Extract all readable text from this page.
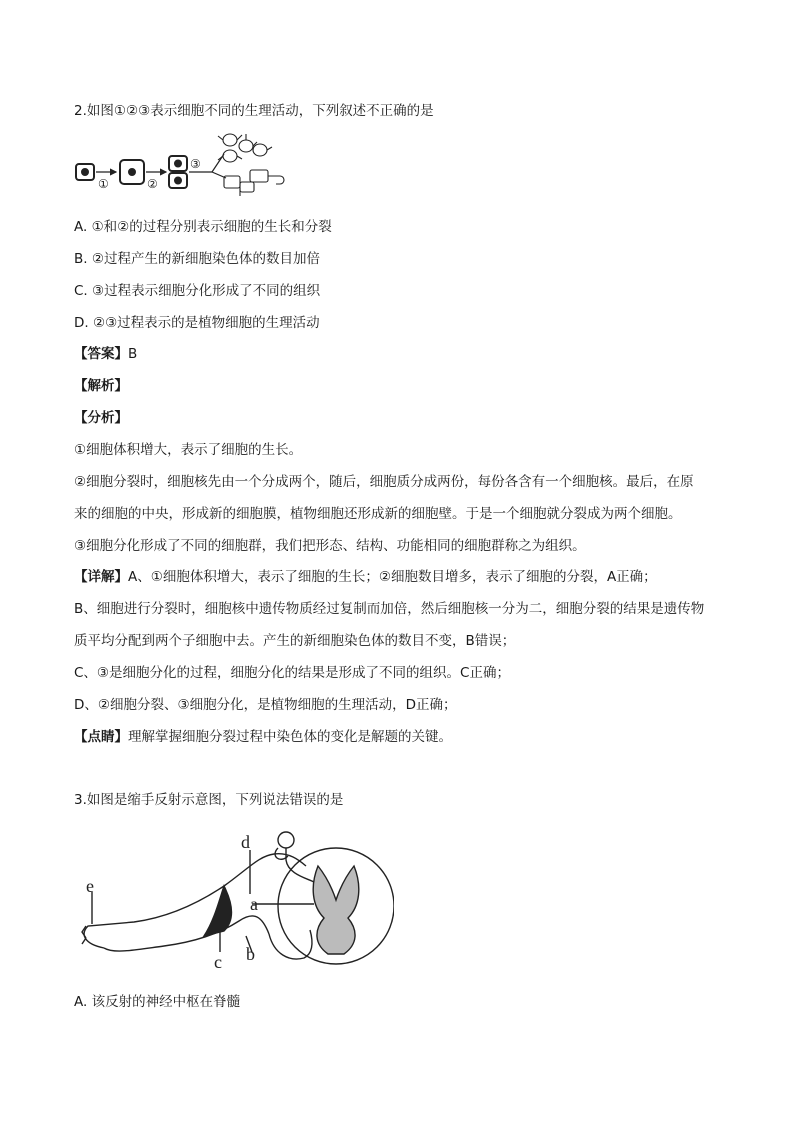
2.如图①②③表示细胞不同的生理活动，下列叙述不正确的是
①	②
③
A. ①和②的过程分别表示细胞的生长和分裂
B. ②过程产生的新细胞染色体的数目加倍
C. ③过程表示细胞分化形成了不同的组织
D. ②③过程表示的是植物细胞的生理活动
【答案】B
【解析】
【分析】
①细胞体积增大，表示了细胞的生长。
②细胞分裂时，细胞核先由一个分成两个，随后，细胞质分成两份，每份各含有一个细胞核。最后，在原
来的细胞的中央，形成新的细胞膜，植物细胞还形成新的细胞壁。于是一个细胞就分裂成为两个细胞。
③细胞分化形成了不同的细胞群，我们把形态、结构、功能相同的细胞群称之为组织。
【详解】A、①细胞体积增大，表示了细胞的生长；②细胞数目增多，表示了细胞的分裂，A正确；
B、细胞进行分裂时，细胞核中遗传物质经过复制而加倍，然后细胞核一分为二，细胞分裂的结果是遗传物
质平均分配到两个子细胞中去。产生的新细胞染色体的数目不变，B错误；
C、③是细胞分化的过程，细胞分化的结果是形成了不同的组织。C正确；
D、②细胞分裂、③细胞分化，是植物细胞的生理活动，D正确；
【点睛】理解掌握细胞分裂过程中染色体的变化是解题的关键。
3.如图是缩手反射示意图，下列说法错误的是
d
a
e
c b
A. 该反射的神经中枢在脊髓
